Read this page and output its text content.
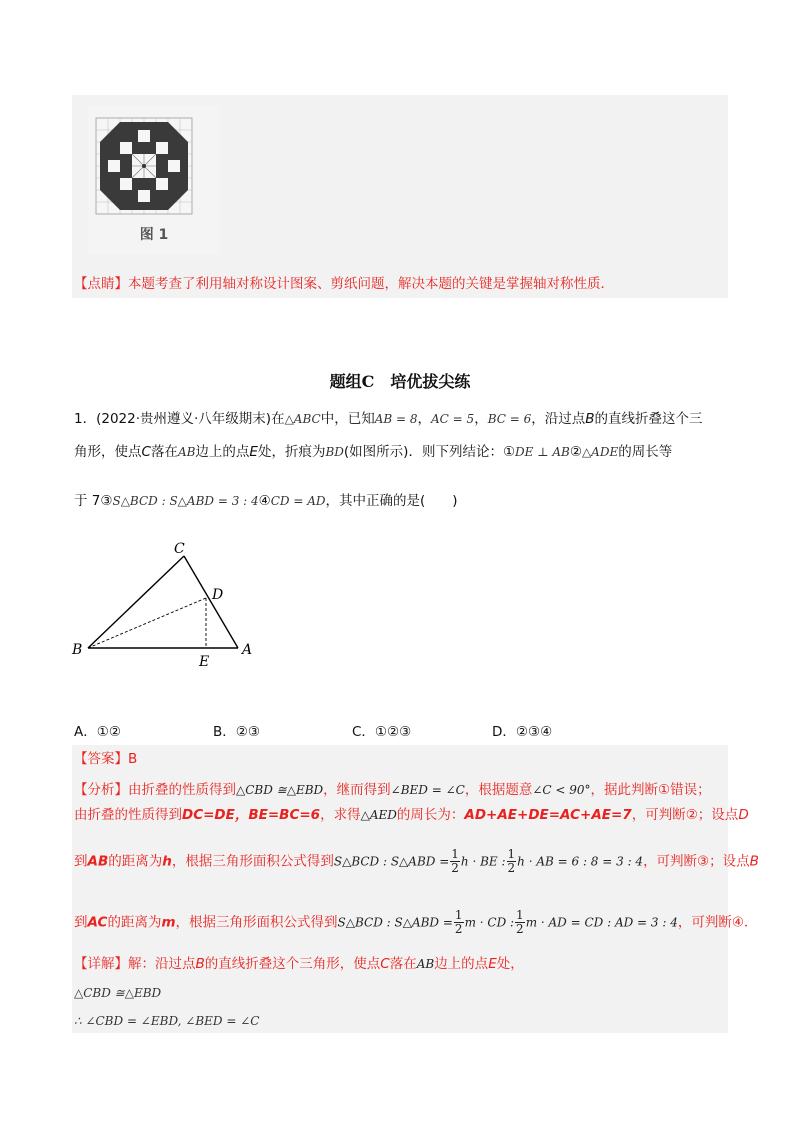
图 1
【点睛】本题考查了利用轴对称设计图案、剪纸问题，解决本题的关键是掌握轴对称性质．
题组C　培优拔尖练
1．(2022·贵州遵义·八年级期末)在△ABC中，已知AB = 8，AC = 5，BC = 6，沿过点B的直线折叠这个三
角形，使点C落在AB边上的点E处，折痕为BD(如图所示)．则下列结论：①DE ⊥ AB②△ADE的周长等
于 7③S△BCD : S△ABD = 3 : 4④CD = AD，其中正确的是(　　)
C
D
B
E
A
A．①②	B．②③	C．①②③	D．②③④
【答案】B
【分析】由折叠的性质得到△CBD ≅△EBD，继而得到∠BED = ∠C，根据题意∠C < 90°，据此判断①错误；
由折叠的性质得到DC=DE，BE=BC=6，求得△AED的周长为：AD+AE+DE=AC+AE=7，可判断②；设点D
到AB的距离为h，根据三角形面积公式得到S△BCD : S△ABD = $\frac{1}{2}$ h · BE : $\frac{1}{2}$ h · AB = 6 : 8 = 3 : 4，可判断③；设点B
到AC的距离为m，根据三角形面积公式得到S△BCD : S△ABD = $\frac{1}{2}$ m · CD : $\frac{1}{2}$ m · AD = CD : AD = 3 : 4，可判断④．
【详解】解：沿过点B的直线折叠这个三角形，使点C落在AB边上的点E处，
△CBD ≅△EBD
∴ ∠CBD = ∠EBD, ∠BED = ∠C
